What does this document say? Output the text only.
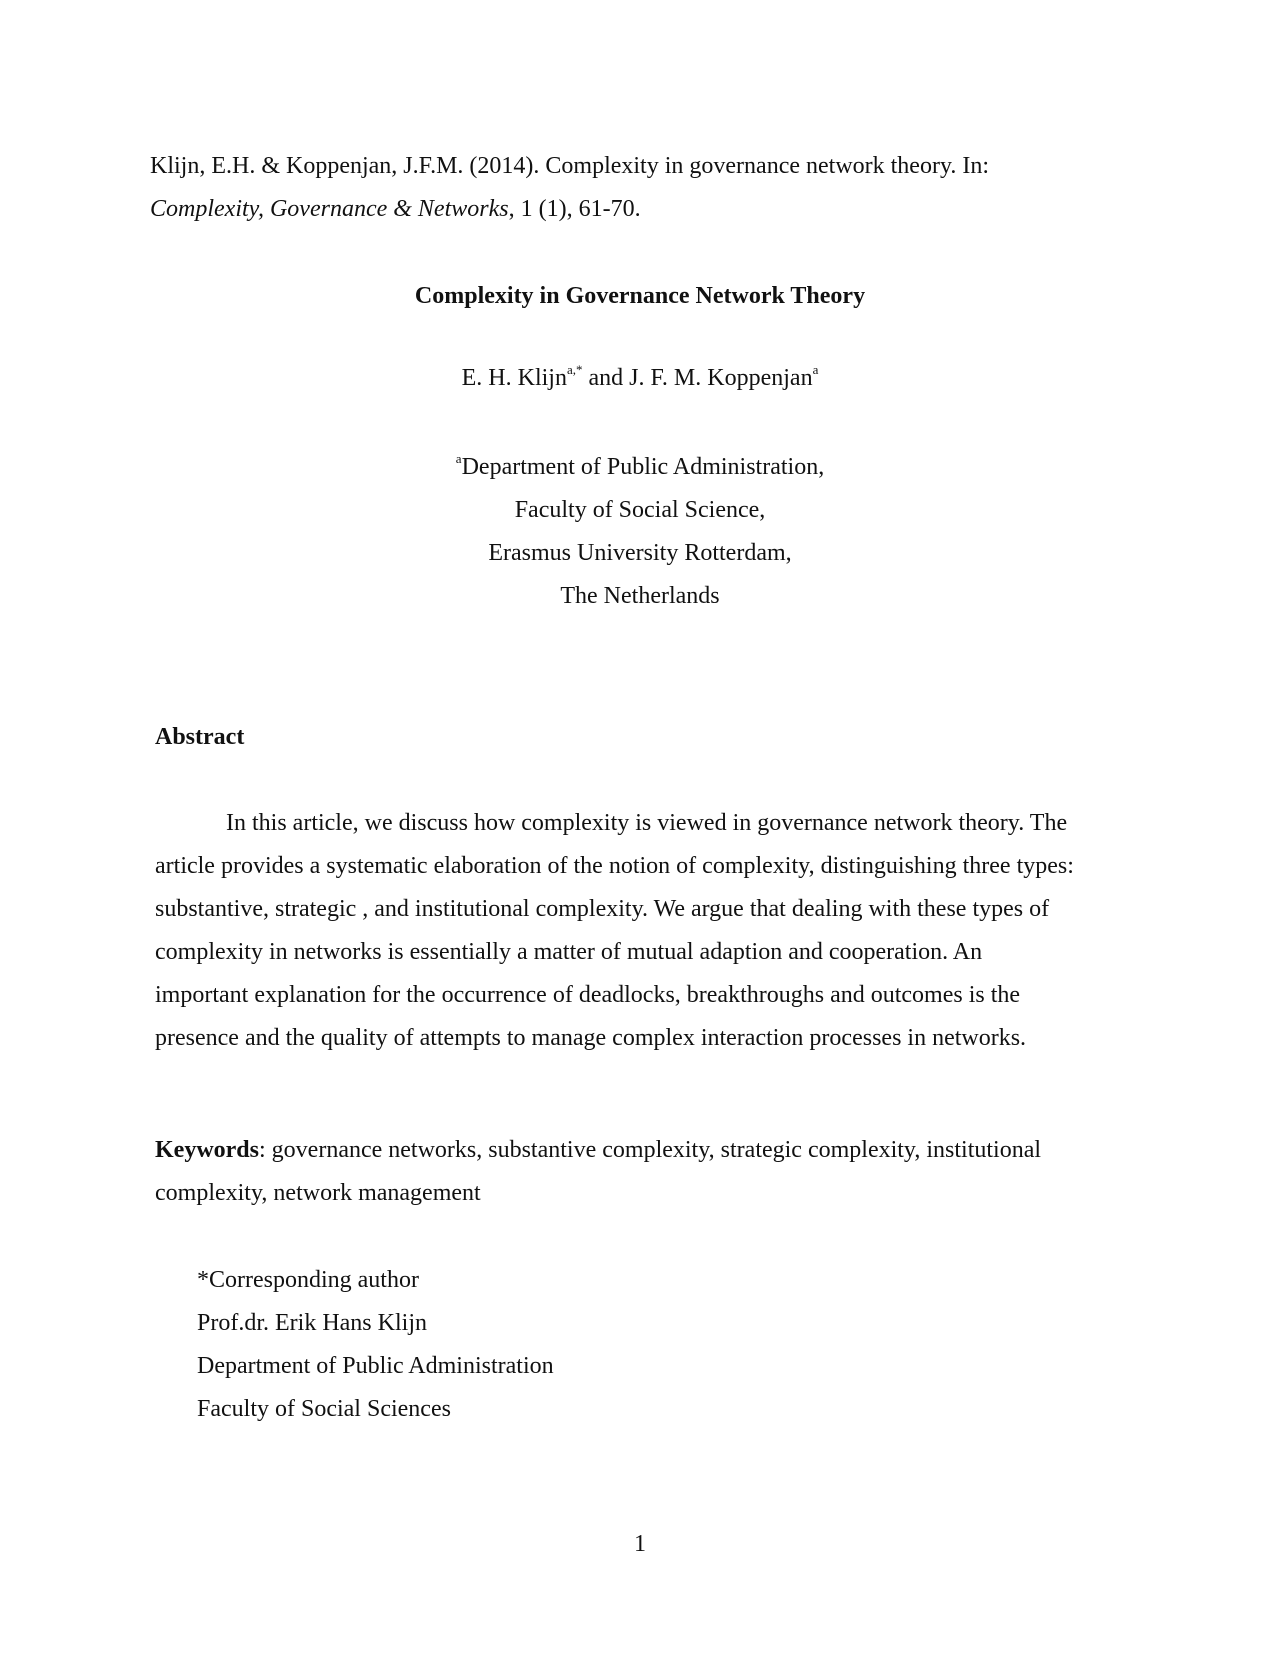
Klijn, E.H. & Koppenjan, J.F.M. (2014). Complexity in governance network theory. In:
Complexity, Governance & Networks, 1 (1), 61-70.
Complexity in Governance Network Theory
E. H. Klijn$^{a,*}$ and J. F. M. Koppenjan$^a$
$^a$Department of Public Administration,
Faculty of Social Science,
Erasmus University Rotterdam,
The Netherlands
Abstract
In this article, we discuss how complexity is viewed in governance network theory. The
article provides a systematic elaboration of the notion of complexity, distinguishing three types:
substantive, strategic , and institutional complexity. We argue that dealing with these types of
complexity in networks is essentially a matter of mutual adaption and cooperation. An
important explanation for the occurrence of deadlocks, breakthroughs and outcomes is the
presence and the quality of attempts to manage complex interaction processes in networks.
Keywords: governance networks, substantive complexity, strategic complexity, institutional
complexity, network management
*Corresponding author
Prof.dr. Erik Hans Klijn
Department of Public Administration
Faculty of Social Sciences
1
